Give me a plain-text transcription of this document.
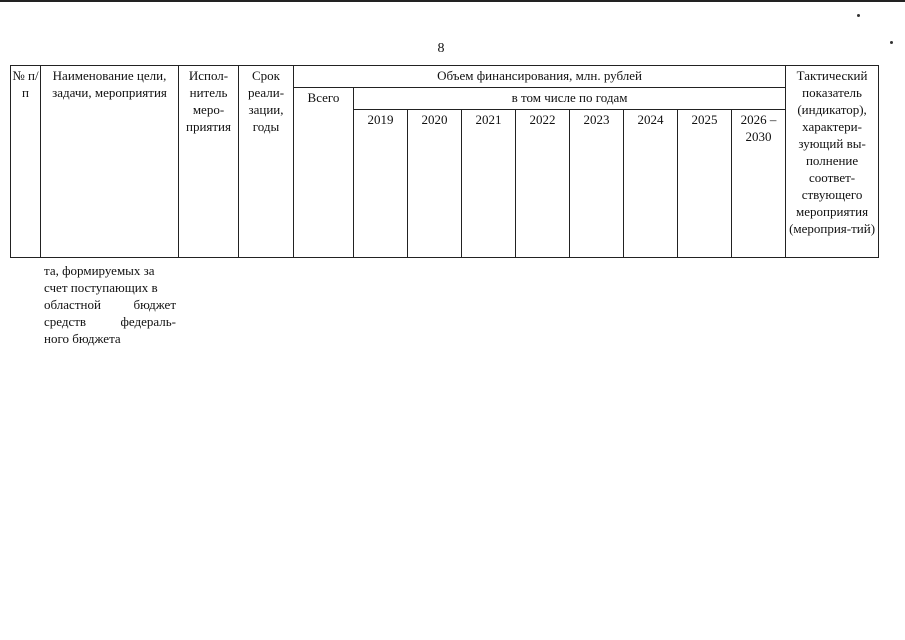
8
№ п/п	Наименование цели, задачи, мероприятия	Испол-нитель меро-приятия	Срок реали-зации, годы	Объем финансирования, млн. рублей									Тактический показатель (индикатор), характери-зующий вы-полнение соответ-ствующего мероприятия (мероприя-тий)
				Всего	в том числе по годам								
					2019	2020	2021	2022	2023	2024	2025	2026 – 2030	
та, формируемых за
счет поступающих в
областной	бюджет
средств	федераль-
ного бюджета
